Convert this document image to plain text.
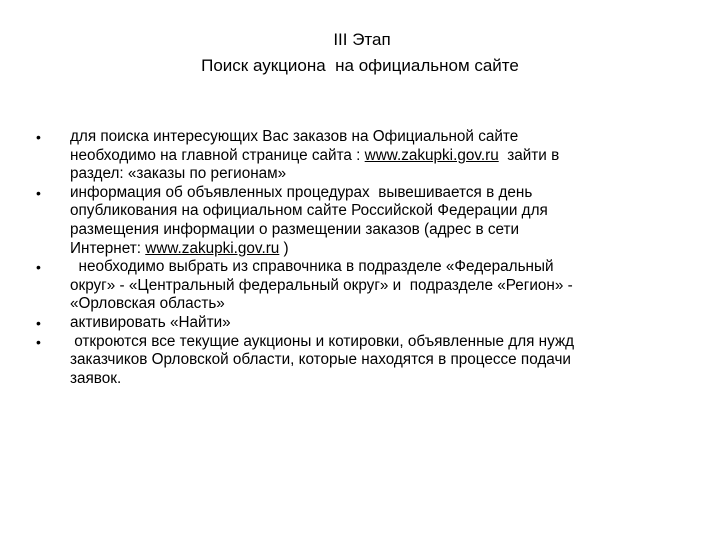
III Этап
Поиск аукциона  на официальном сайте
•	для поиска интересующих Вас заказов на Официальной сайте
необходимо на главной странице сайта : www.zakupki.gov.ru  зайти в
раздел: «заказы по регионам»
•	информация об объявленных процедурах  вывешивается в день
опубликования на официальном сайте Российской Федерации для
размещения информации о размещении заказов (адрес в сети
Интернет: www.zakupki.gov.ru )
•	необходимо выбрать из справочника в подразделе «Федеральный
округ» - «Центральный федеральный округ» и  подразделе «Регион» -
«Орловская область»
•	активировать «Найти»
•	откроются все текущие аукционы и котировки, объявленные для нужд
заказчиков Орловской области, которые находятся в процессе подачи
заявок.
